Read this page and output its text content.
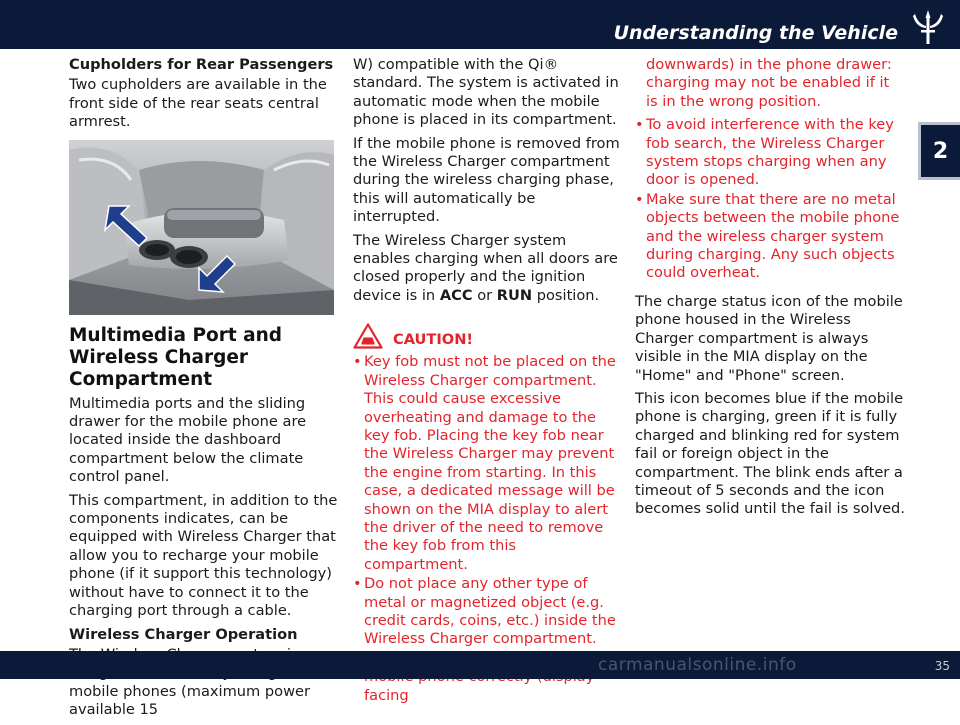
Understanding the Vehicle
2

Cupholders for Rear Passengers

Two cupholders are available in the front side of the rear seats central armrest.

Multimedia Port and Wireless Charger Compartment

Multimedia ports and the sliding drawer for the mobile phone are located inside the dashboard compartment below the climate control panel.

This compartment, in addition to the components indicates, can be equipped with Wireless Charger that allow you to recharge your mobile phone (if it support this technology) without have to connect it to the charging port through a cable.

Wireless Charger Operation

mobile phones (maximum power available 15

W) compatible with the Qi® standard. The system is activated in automatic mode when the mobile phone is placed in its compartment.

If the mobile phone is removed from the Wireless Charger compartment during the wireless charging phase, this will automatically be interrupted.

The Wireless Charger system enables charging when all doors are closed properly and the ignition device is in ACC or RUN position.

CAUTION!
• Key fob must not be placed on the Wireless Charger compartment. This could cause excessive overheating and damage to the key fob. Placing the key fob near the Wireless Charger may prevent the engine from starting. In this case, a dedicated message will be shown on the MIA display to alert the driver of the need to remove the key fob from this compartment.
• Do not place any other type of metal or magnetized object (e.g. credit cards, coins, etc.) inside the Wireless Charger compartment.
• facing

downwards) in the phone drawer: charging may not be enabled if it is in the wrong position.

• To avoid interference with the key fob search, the Wireless Charger system stops charging when any door is opened.
• Make sure that there are no metal objects between the mobile phone and the wireless charger system during charging. Any such objects could overheat.

The charge status icon of the mobile phone housed in the Wireless Charger compartment is always visible in the MIA display on the "Home" and "Phone" screen.

This icon becomes blue if the mobile phone is charging, green if it is fully charged and blinking red for system fail or foreign object in the compartment. The blink ends after a timeout of 5 seconds and the icon becomes solid until the fail is solved.

carmanualsonline.info	35
